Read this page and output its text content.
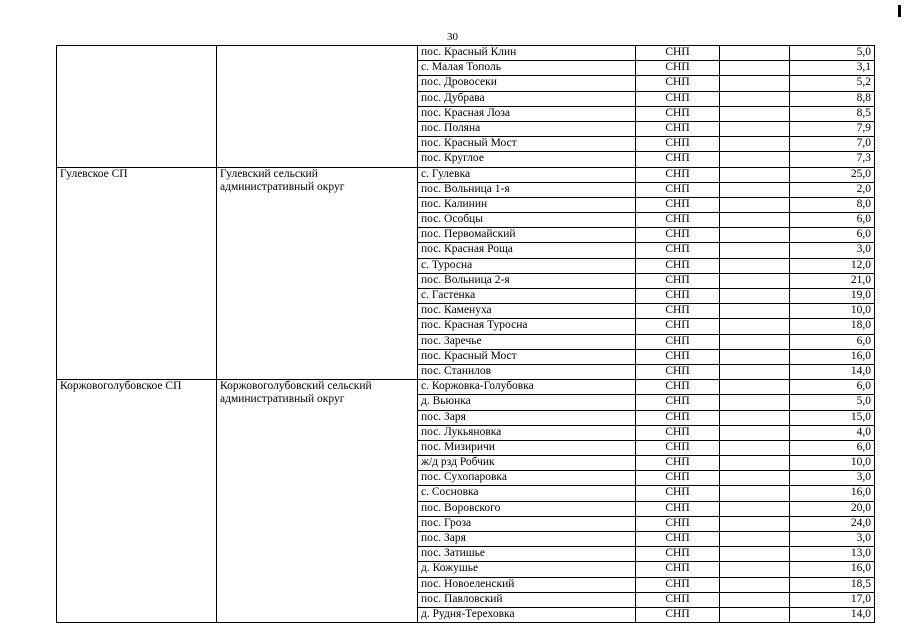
30
		пос. Красный Клин	СНП		5,0
		с. Малая Тополь	СНП		3,1
		пос. Дровосеки	СНП		5,2
		пос. Дубрава	СНП		8,8
		пос. Красная Лоза	СНП		8,5
		пос. Поляна	СНП		7,9
		пос. Красный Мост	СНП		7,0
		пос. Круглое	СНП		7,3
Гулевское СП	Гулевский сельский административный округ	с. Гулевка	СНП		25,0
		пос. Вольница 1-я	СНП		2,0
		пос. Калинин	СНП		8,0
		пос. Особцы	СНП		6,0
		пос. Первомайский	СНП		6,0
		пос. Красная Роща	СНП		3,0
		с. Туросна	СНП		12,0
		пос. Вольница 2-я	СНП		21,0
		с. Гастенка	СНП		19,0
		пос. Каменуха	СНП		10,0
		пос. Красная Туросна	СНП		18,0
		пос. Заречье	СНП		6,0
		пос. Красный Мост	СНП		16,0
		пос. Станилов	СНП		14,0
Коржовоголубовское СП	Коржовоголубовский сельский административный округ	с. Коржовка-Голубовка	СНП		6,0
		д. Вьюнка	СНП		5,0
		пос. Заря	СНП		15,0
		пос. Лукьяновка	СНП		4,0
		пос. Мизиричи	СНП		6,0
		ж/д рзд Робчик	СНП		10,0
		пос. Сухопаровка	СНП		3,0
		с. Сосновка	СНП		16,0
		пос. Воровского	СНП		20,0
		пос. Гроза	СНП		24,0
		пос. Заря	СНП		3,0
		пос. Затишье	СНП		13,0
		д. Кожушье	СНП		16,0
		пос. Новоеленский	СНП		18,5
		пос. Павловский	СНП		17,0
		д. Рудня-Тереховка	СНП		14,0
